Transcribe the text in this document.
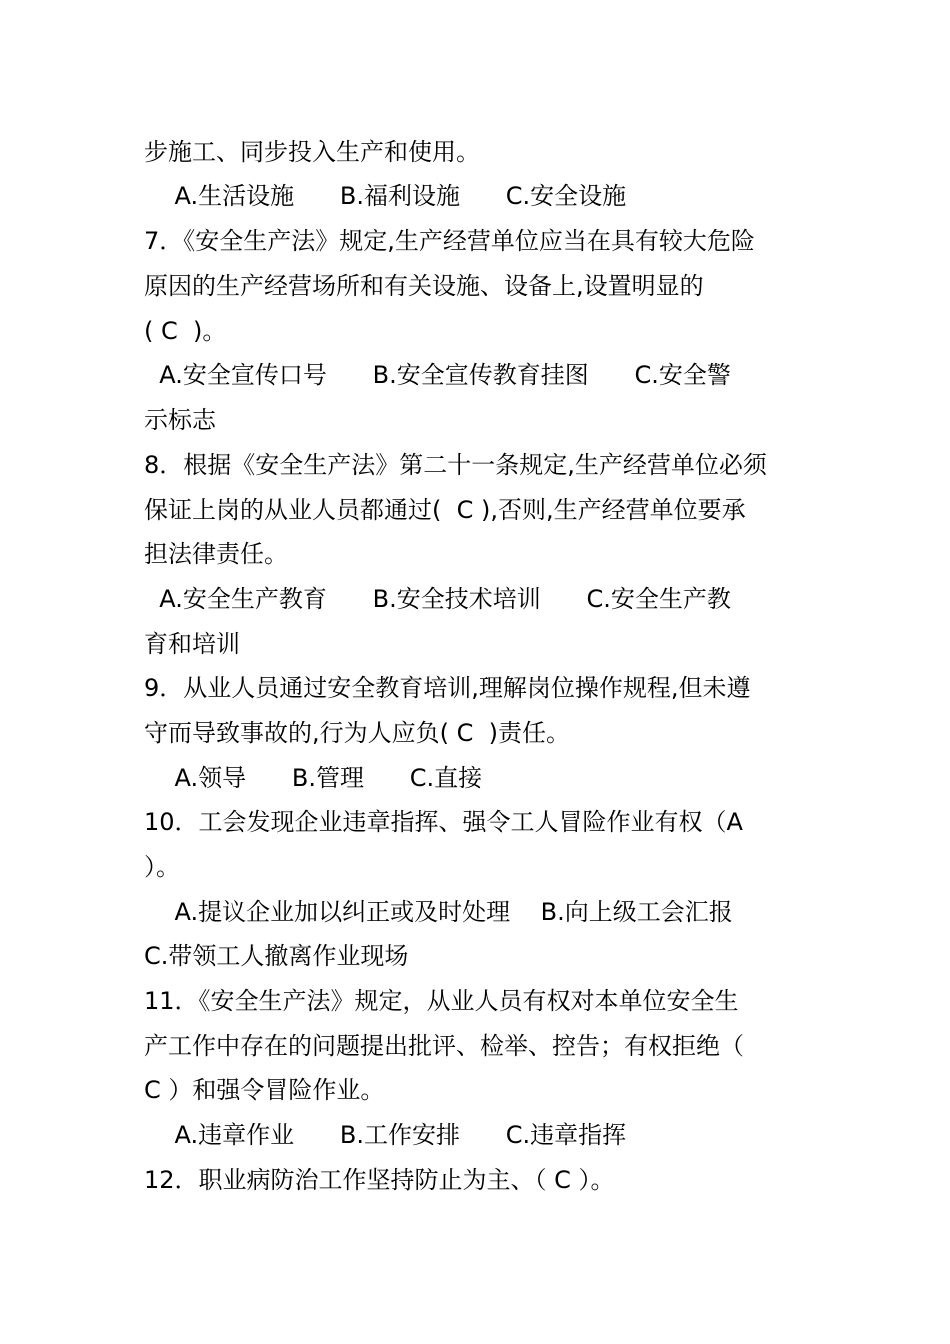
步施工、同步投入生产和使用。
A.生活设施      B.福利设施      C.安全设施
7．《安全生产法》规定,生产经营单位应当在具有较大危险
原因的生产经营场所和有关设施、设备上,设置明显的
( C  )。
A.安全宣传口号      B.安全宣传教育挂图      C.安全警
示标志
8．根据《安全生产法》第二十一条规定,生产经营单位必须
保证上岗的从业人员都通过(  C ),否则,生产经营单位要承
担法律责任。
A.安全生产教育      B.安全技术培训      C.安全生产教
育和培训
9．从业人员通过安全教育培训,理解岗位操作规程,但未遵
守而导致事故的,行为人应负( C  )责任。
A.领导      B.管理      C.直接
10．工会发现企业违章指挥、强令工人冒险作业有权（A
）。
A.提议企业加以纠正或及时处理    B.向上级工会汇报
C.带领工人撤离作业现场
11．《安全生产法》规定，从业人员有权对本单位安全生
产工作中存在的问题提出批评、检举、控告；有权拒绝（
C ）和强令冒险作业。
A.违章作业      B.工作安排      C.违章指挥
12．职业病防治工作坚持防止为主、（ C ）。
